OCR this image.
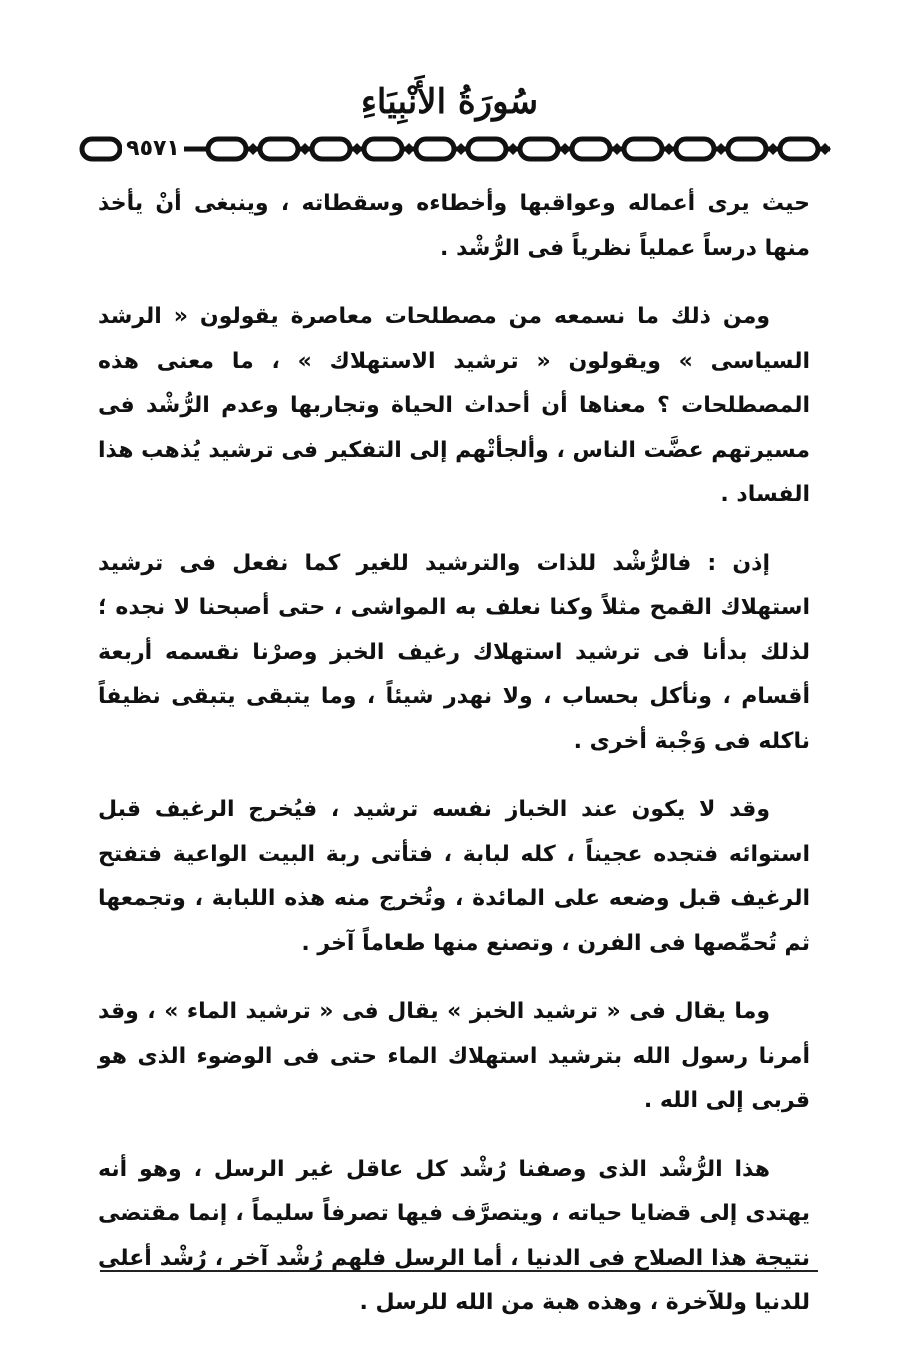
سُورَةُ الأَنْبِيَاءِ
٩٥٧١

حيث يرى أعماله وعواقبها وأخطاءه وسقطاته ، وينبغى أنْ يأخذ منها درساً عملياً نظرياً فى الرُّشْد .

ومن ذلك ما نسمعه من مصطلحات معاصرة يقولون « الرشد السياسى » ويقولون « ترشيد الاستهلاك » ، ما معنى هذه المصطلحات ؟ معناها أن أحداث الحياة وتجاربها وعدم الرُّشْد فى مسيرتهم عضَّت الناس ، وألجأتْهم إلى التفكير فى ترشيد يُذهب هذا الفساد .

إذن : فالرُّشْد للذات والترشيد للغير كما نفعل فى ترشيد استهلاك القمح مثلاً وكنا نعلف به المواشى ، حتى أصبحنا لا نجده ؛ لذلك بدأنا فى ترشيد استهلاك رغيف الخبز وصرْنا نقسمه أربعة أقسام ، ونأكل بحساب ، ولا نهدر شيئاً ، وما يتبقى يتبقى نظيفاً ناكله فى وَجْبة أخرى .

وقد لا يكون عند الخباز نفسه ترشيد ، فيُخرج الرغيف قبل استوائه فتجده عجيناً ، كله لبابة ، فتأتى ربة البيت الواعية فتفتح الرغيف قبل وضعه على المائدة ، وتُخرج منه هذه اللبابة ، وتجمعها ثم تُحمِّصها فى الفرن ، وتصنع منها طعاماً آخر .

وما يقال فى « ترشيد الخبز » يقال فى « ترشيد الماء » ، وقد أمرنا رسول الله بترشيد استهلاك الماء حتى فى الوضوء الذى هو قربى إلى الله .

هذا الرُّشْد الذى وصفنا رُشْد كل عاقل غير الرسل ، وهو أنه يهتدى إلى قضايا حياته ، ويتصرَّف فيها تصرفاً سليماً ، إنما مقتضى نتيجة هذا الصلاح فى الدنيا ، أما الرسل فلهم رُشْد آخر ، رُشْد أعلى للدنيا وللآخرة ، وهذه هبة من الله للرسل .
